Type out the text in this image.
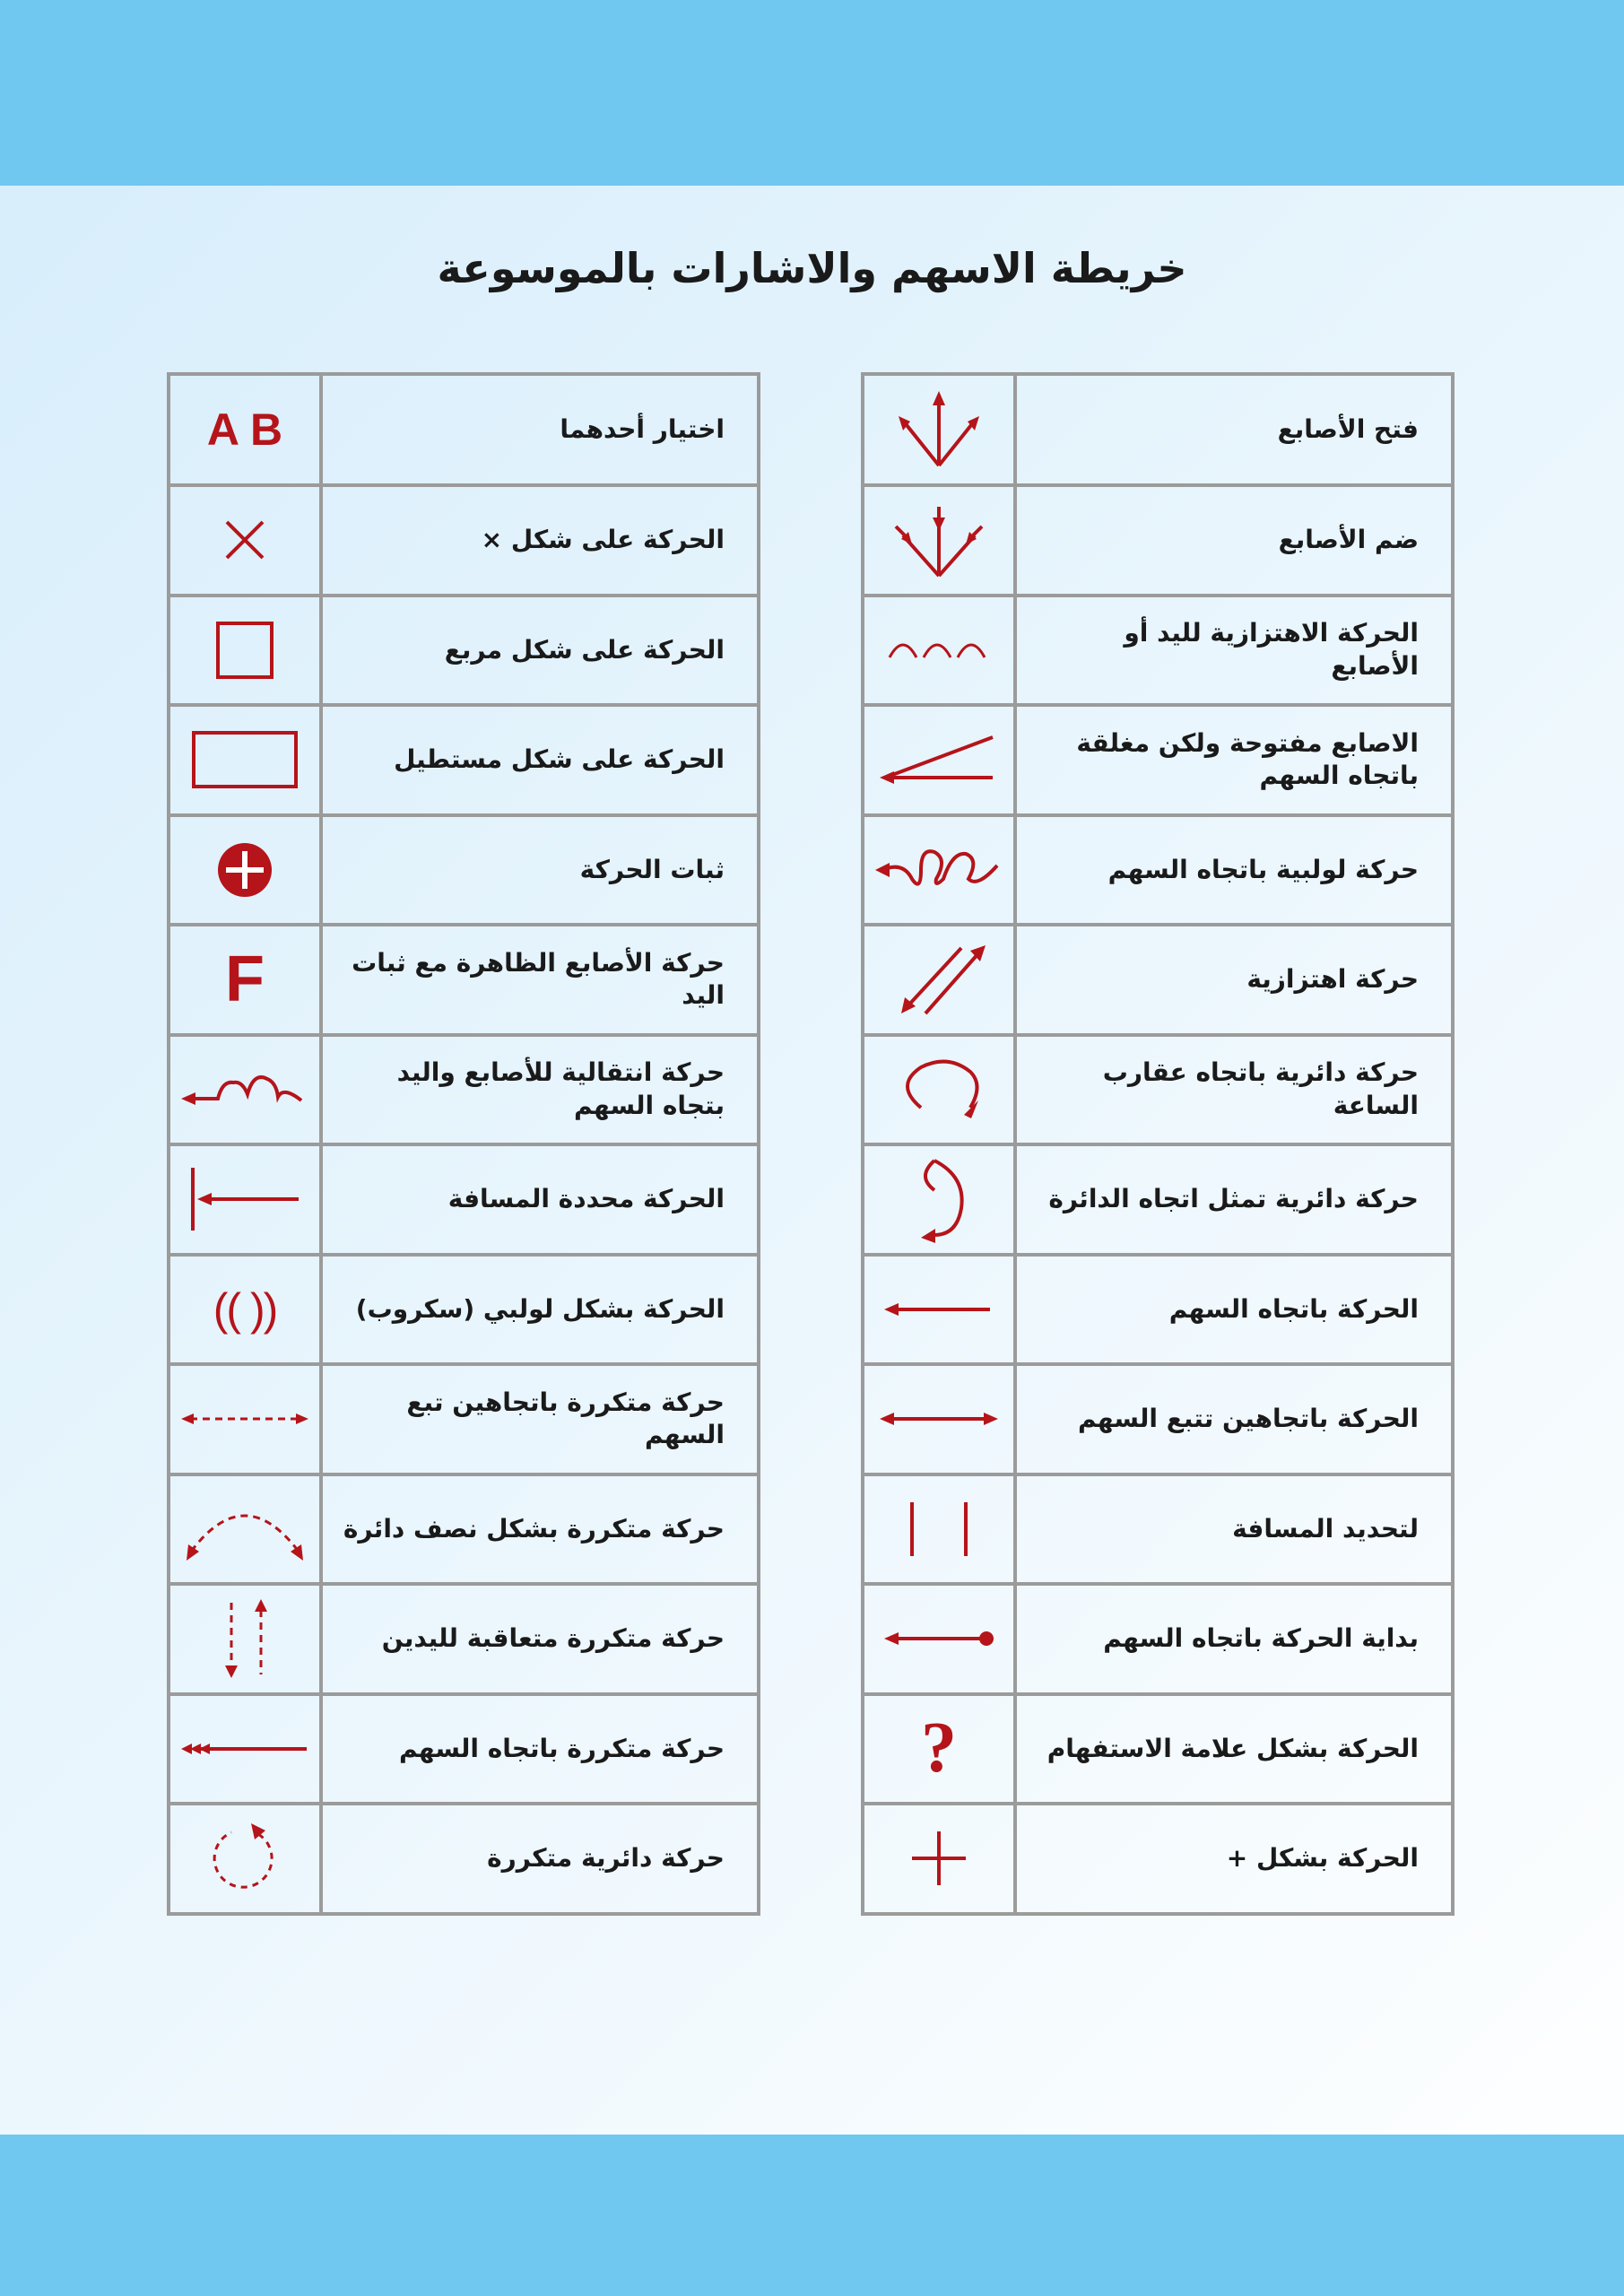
خريطة الاسهم والاشارات بالموسوعة
فتح الأصابع
ضم الأصابع
الحركة الاهتزازية لليد أو الأصابع
الاصابع مفتوحة ولكن مغلقة باتجاه السهم
حركة لولبية باتجاه السهم
حركة اهتزازية
حركة دائرية باتجاه عقارب الساعة
حركة دائرية تمثل اتجاه الدائرة
الحركة باتجاه السهم
الحركة باتجاهين تتبع السهم
لتحديد المسافة
بداية الحركة باتجاه السهم
الحركة بشكل علامة الاستفهام
?
الحركة بشكل +
اختيار أحدهما
A B
الحركة على شكل ×
الحركة على شكل مربع
الحركة على شكل مستطيل
ثبات الحركة
حركة الأصابع الظاهرة مع ثبات اليد
F
حركة انتقالية للأصابع واليد بتجاه السهم
الحركة محددة المسافة
الحركة بشكل لولبي (سكروب)
(( ))
حركة متكررة باتجاهين تبع السهم
حركة متكررة بشكل نصف دائرة
حركة متكررة متعاقبة لليدين
حركة متكررة باتجاه السهم
حركة دائرية متكررة
